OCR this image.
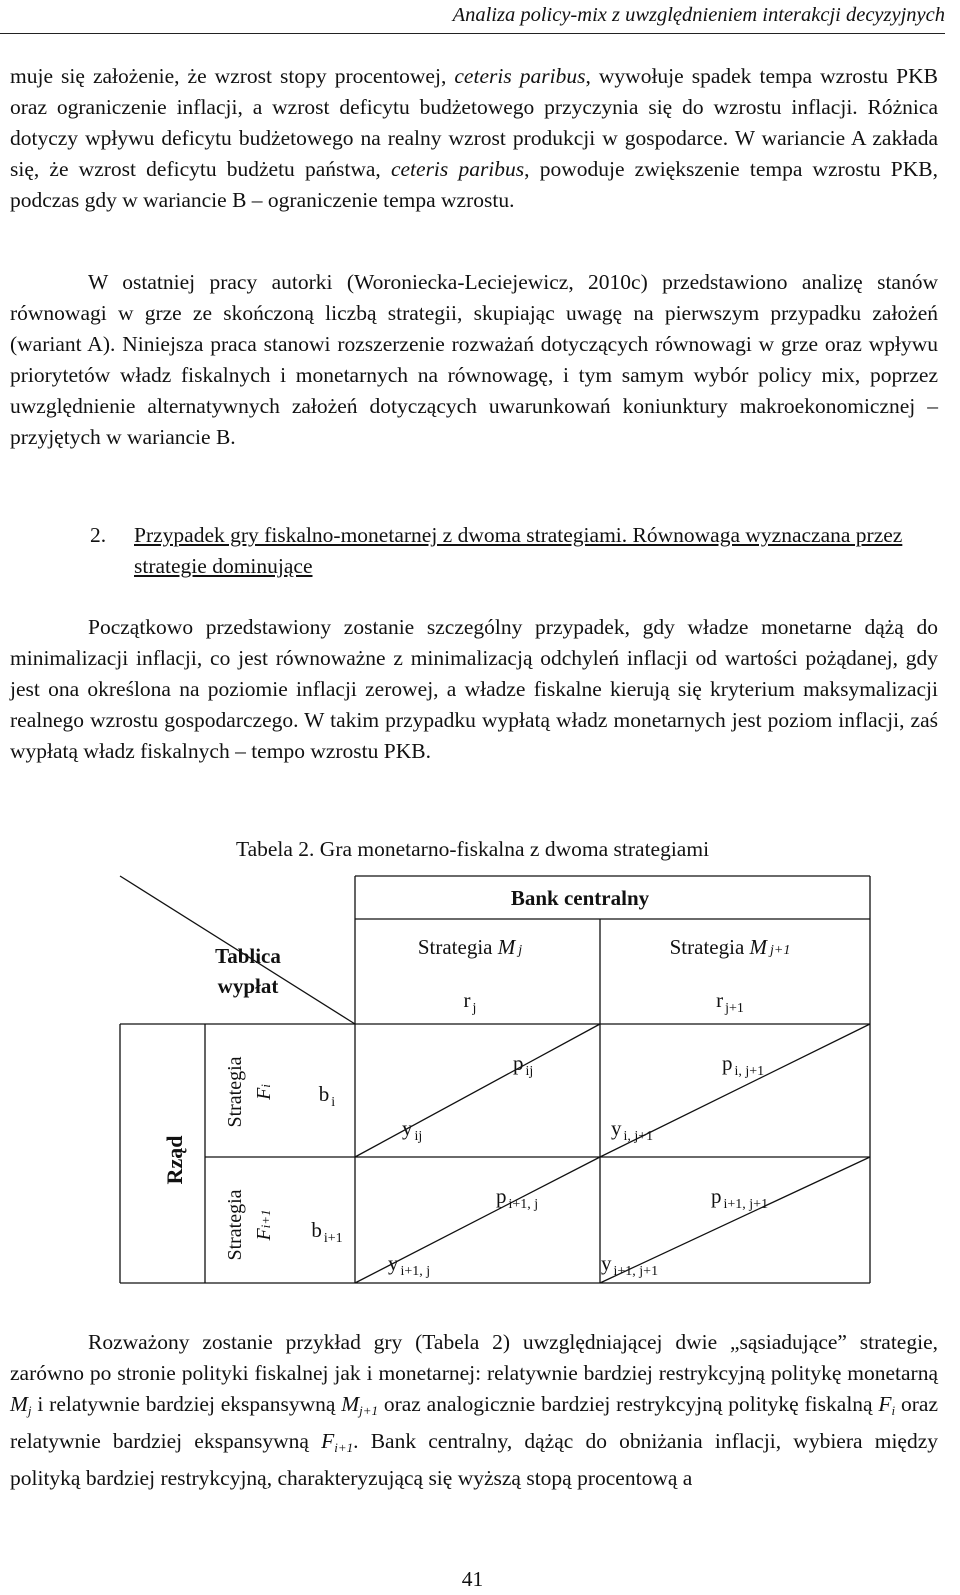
Analiza policy-mix z uwzględnieniem interakcji decyzyjnych

muje się założenie, że wzrost stopy procentowej, ceteris paribus, wywołuje spadek tempa wzrostu PKB oraz ograniczenie inflacji, a wzrost deficytu budżetowego przyczynia się do wzrostu inflacji. Różnica dotyczy wpływu deficytu budżetowego na realny wzrost produkcji w gospodarce. W wariancie A zakłada się, że wzrost deficytu budżetu państwa, ceteris paribus, powoduje zwiększenie tempa wzrostu PKB, podczas gdy w wariancie B – ograniczenie tempa wzrostu.

W ostatniej pracy autorki (Woroniecka-Leciejewicz, 2010c) przedstawiono analizę stanów równowagi w grze ze skończoną liczbą strategii, skupiając uwagę na pierwszym przypadku założeń (wariant A). Niniejsza praca stanowi rozszerzenie rozważań dotyczących równowagi w grze oraz wpływu priorytetów władz fiskalnych i monetarnych na równowagę, i tym samym wybór policy mix, poprzez uwzględnienie alternatywnych założeń dotyczących uwarunkowań koniunktury makroekonomicznej – przyjętych w wariancie B.

2.	Przypadek gry fiskalno-monetarnej z dwoma strategiami. Równowaga wyznaczana przez strategie dominujące

Początkowo przedstawiony zostanie szczególny przypadek, gdy władze monetarne dążą do minimalizacji inflacji, co jest równoważne z minimalizacją odchyleń inflacji od wartości pożądanej, gdy jest ona określona na poziomie inflacji zerowej, a władze fiskalne kierują się kryterium maksymalizacji realnego wzrostu gospodarczego. W takim przypadku wypłatą władz monetarnych jest poziom inflacji, zaś wypłatą władz fiskalnych – tempo wzrostu PKB.

Tabela 2. Gra monetarno-fiskalna z dwoma strategiami
Bank centralny
Tablica
wypłat
Strategia M j
r $_j$
Strategia M j+1
r $_{j+1}$
Rząd
Strategia Fi b $_i$
Strategia Fi+1 b $_{i+1}$
p $_{ij}$
y $_{ij}$
p $_{i, j+1}$
y $_{i, j+1}$
p $_{i+1, j}$
y $_{i+1, j}$
p $_{i+1, j+1}$
y $_{i+1, j+1}$

Rozważony zostanie przykład gry (Tabela 2) uwzględniającej dwie „sąsiadujące” strategie, zarówno po stronie polityki fiskalnej jak i monetarnej: relatywnie bardziej restrykcyjną politykę monetarną $M_j$ i relatywnie bardziej ekspansywną $M_{j+1}$ oraz analogicznie bardziej restrykcyjną politykę fiskalną $F_i$ oraz relatywnie bardziej ekspansywną $F_{i+1}$. Bank centralny, dążąc do obniżania inflacji, wybiera między polityką bardziej restrykcyjną, charakteryzującą się wyższą stopą procentową a

41
